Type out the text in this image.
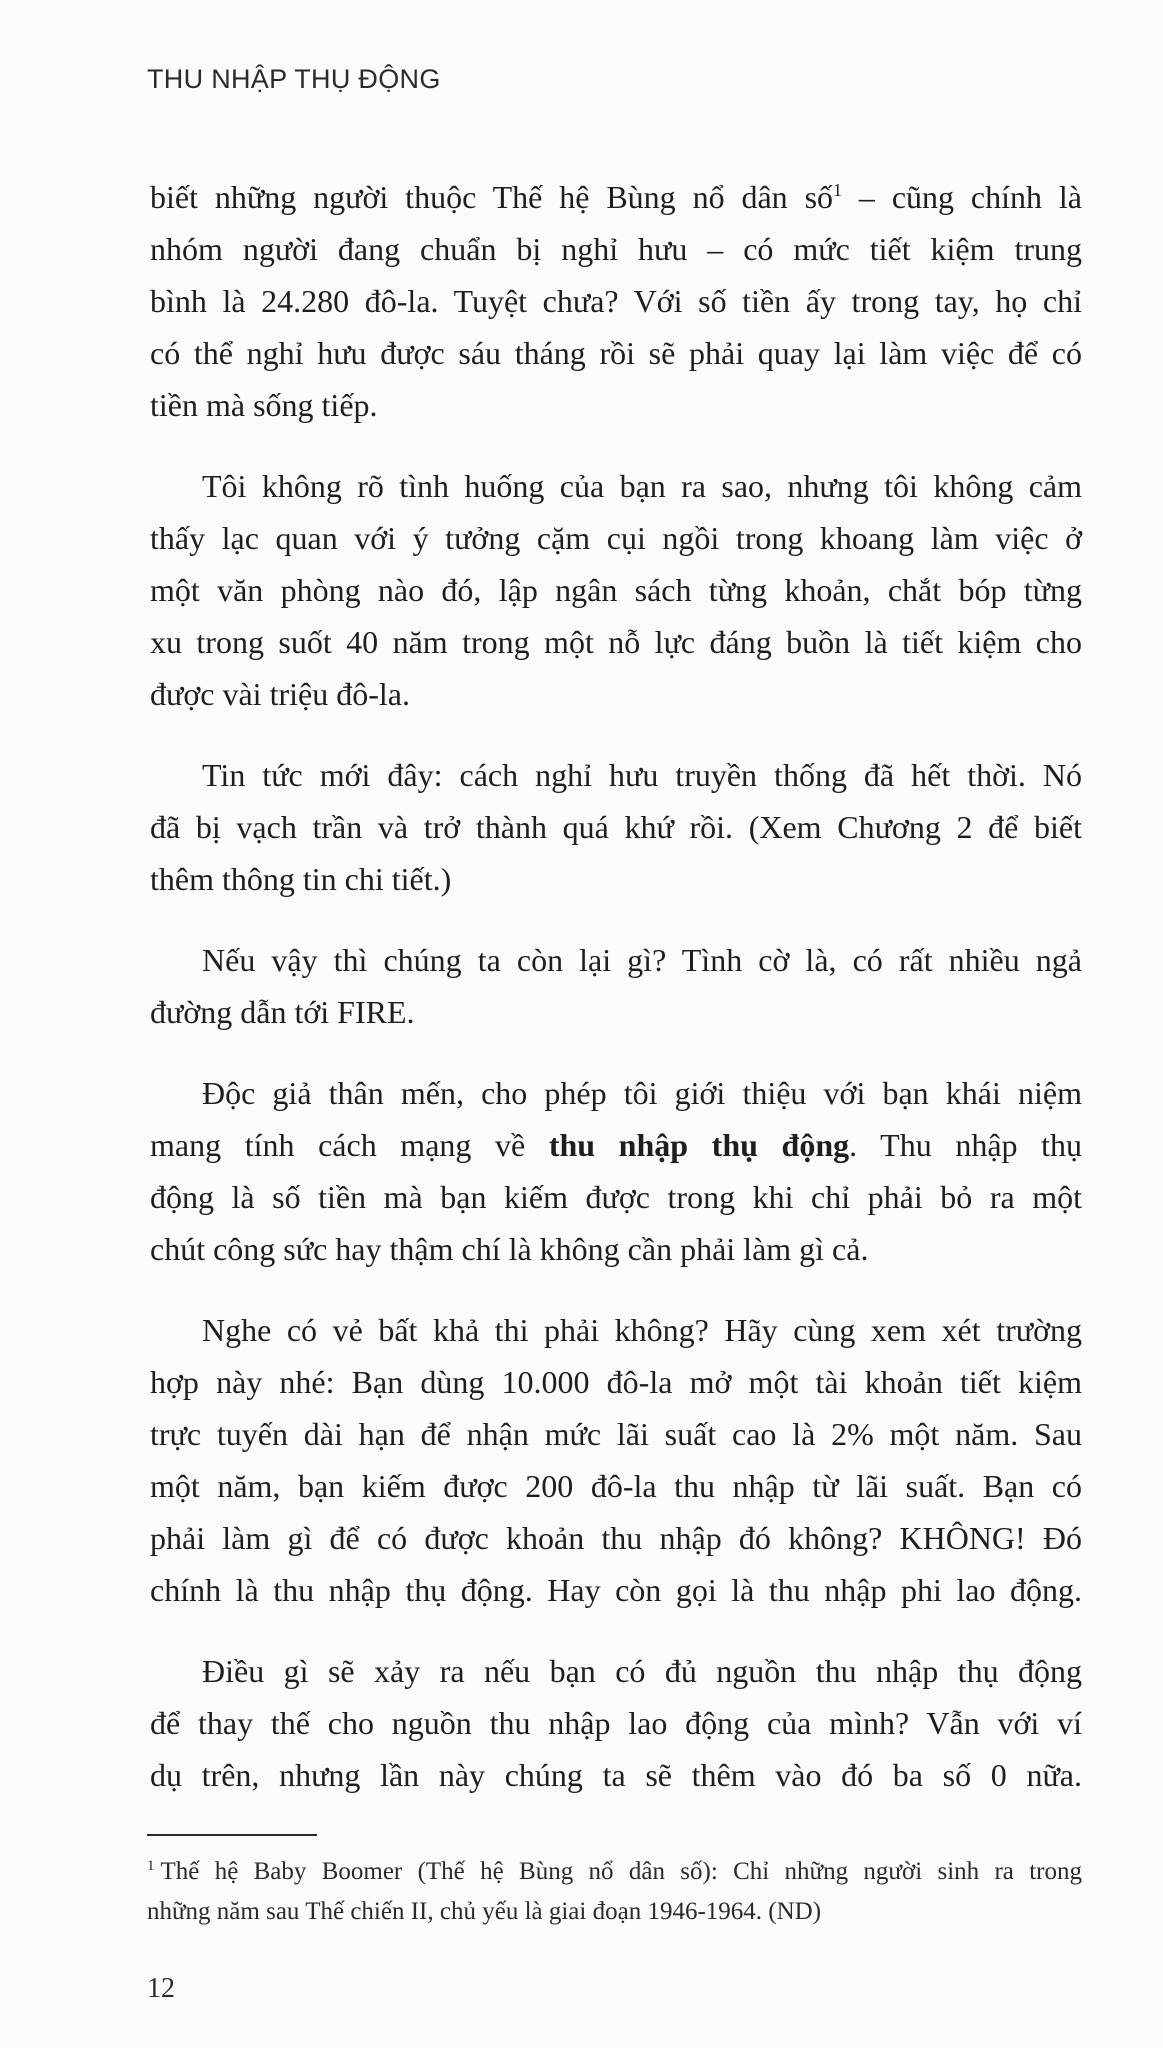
THU NHẬP THỤ ĐỘNG

biết những người thuộc Thế hệ Bùng nổ dân số$^1$ – cũng chính là
nhóm người đang chuẩn bị nghỉ hưu – có mức tiết kiệm trung
bình là 24.280 đô-la. Tuyệt chưa? Với số tiền ấy trong tay, họ chỉ
có thể nghỉ hưu được sáu tháng rồi sẽ phải quay lại làm việc để có
tiền mà sống tiếp.

Tôi không rõ tình huống của bạn ra sao, nhưng tôi không cảm
thấy lạc quan với ý tưởng cặm cụi ngồi trong khoang làm việc ở
một văn phòng nào đó, lập ngân sách từng khoản, chắt bóp từng
xu trong suốt 40 năm trong một nỗ lực đáng buồn là tiết kiệm cho
được vài triệu đô-la.

Tin tức mới đây: cách nghỉ hưu truyền thống đã hết thời. Nó
đã bị vạch trần và trở thành quá khứ rồi. (Xem Chương 2 để biết
thêm thông tin chi tiết.)

Nếu vậy thì chúng ta còn lại gì? Tình cờ là, có rất nhiều ngả
đường dẫn tới FIRE.

Độc giả thân mến, cho phép tôi giới thiệu với bạn khái niệm
mang tính cách mạng về thu nhập thụ động. Thu nhập thụ
động là số tiền mà bạn kiếm được trong khi chỉ phải bỏ ra một
chút công sức hay thậm chí là không cần phải làm gì cả.

Nghe có vẻ bất khả thi phải không? Hãy cùng xem xét trường
hợp này nhé: Bạn dùng 10.000 đô-la mở một tài khoản tiết kiệm
trực tuyến dài hạn để nhận mức lãi suất cao là 2% một năm. Sau
một năm, bạn kiếm được 200 đô-la thu nhập từ lãi suất. Bạn có
phải làm gì để có được khoản thu nhập đó không? KHÔNG! Đó
chính là thu nhập thụ động. Hay còn gọi là thu nhập phi lao động.

Điều gì sẽ xảy ra nếu bạn có đủ nguồn thu nhập thụ động
để thay thế cho nguồn thu nhập lao động của mình? Vẫn với ví
dụ trên, nhưng lần này chúng ta sẽ thêm vào đó ba số 0 nữa.

$^1$ Thế hệ Baby Boomer (Thế hệ Bùng nổ dân số): Chỉ những người sinh ra trong
những năm sau Thế chiến II, chủ yếu là giai đoạn 1946-1964. (ND)
12
